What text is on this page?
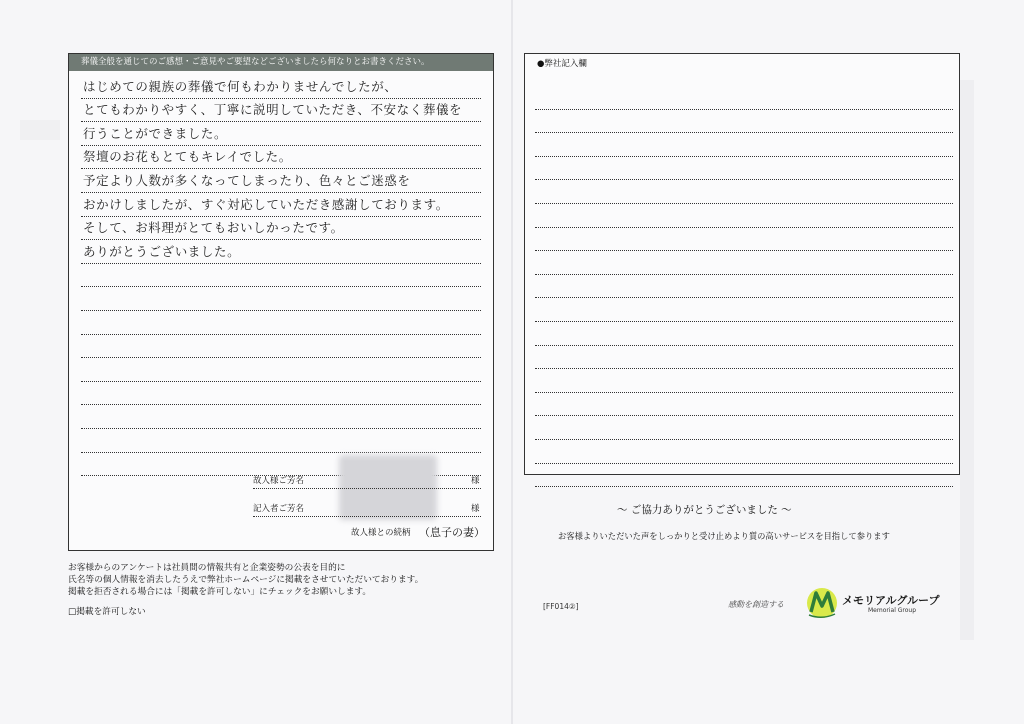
葬儀全般を通じてのご感想・ご意見やご要望などございましたら何なりとお書きください。
はじめての親族の葬儀で何もわかりませんでしたが、
とてもわかりやすく、丁寧に説明していただき、不安なく葬儀を
行うことができました。
祭壇のお花もとてもキレイでした。
予定より人数が多くなってしまったり、色々とご迷惑を
おかけしましたが、すぐ対応していただき感謝しております。
そして、お料理がとてもおいしかったです。
ありがとうございました。
故人様ご芳名	様
記入者ご芳名	様
故人様との続柄 （息子の妻）
お客様からのアンケートは社員間の情報共有と企業姿勢の公表を目的に
氏名等の個人情報を消去したうえで弊社ホームページに掲載をさせていただいております。
掲載を拒否される場合には「掲載を許可しない」にチェックをお願いします。
□掲載を許可しない
●弊社記入欄
～ ご協力ありがとうございました ～
お客様よりいただいた声をしっかりと受け止めより質の高いサービスを目指して参ります
[FF014②]	感動を創造する	メモリアルグループ
Memorial Group
